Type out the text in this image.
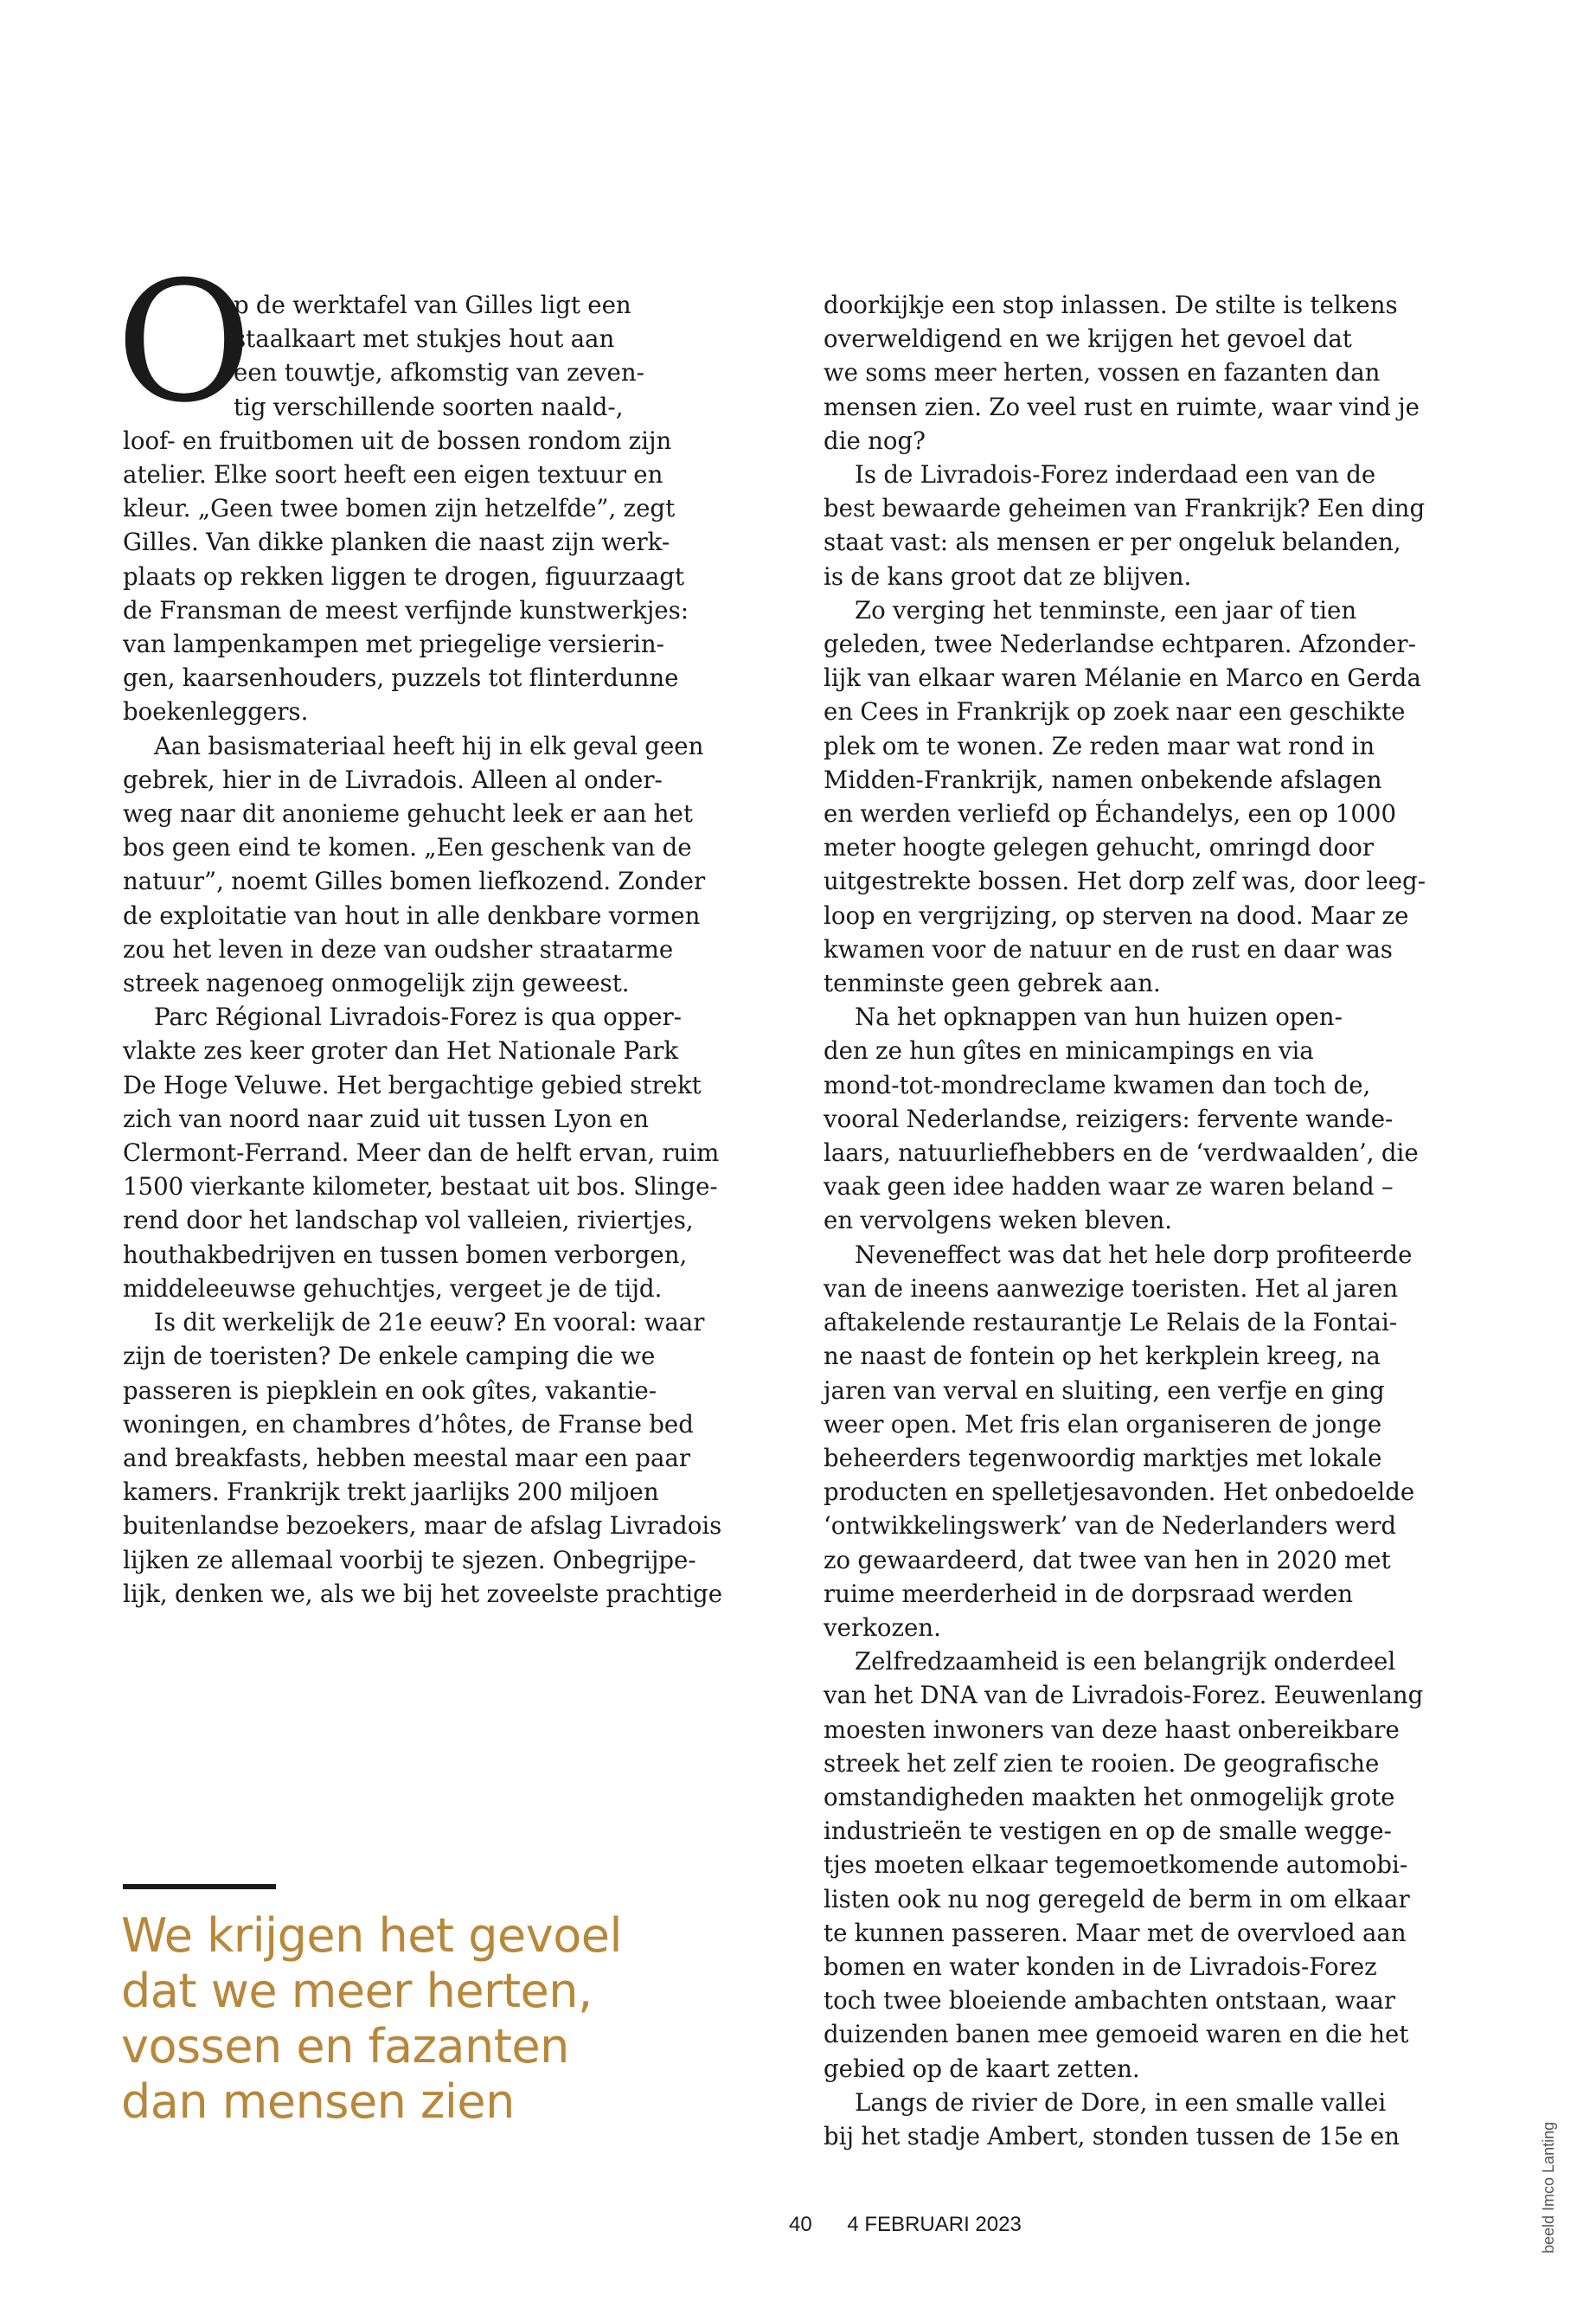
O
p de werktafel van Gilles ligt een
staalkaart met stukjes hout aan
een touwtje, afkomstig van zeven-
tig verschillende soorten naald-,
loof- en fruitbomen uit de bossen rondom zijn
atelier. Elke soort heeft een eigen textuur en
kleur. „Geen twee bomen zijn hetzelfde”, zegt
Gilles. Van dikke planken die naast zijn werk-
plaats op rekken liggen te drogen, figuurzaagt
de Fransman de meest verfijnde kunstwerkjes:
van lampenkampen met priegelige versierin-
gen, kaarsenhouders, puzzels tot flinterdunne
boekenleggers.
Aan basismateriaal heeft hij in elk geval geen
gebrek, hier in de Livradois. Alleen al onder-
weg naar dit anonieme gehucht leek er aan het
bos geen eind te komen. „Een geschenk van de
natuur”, noemt Gilles bomen liefkozend. Zonder
de exploitatie van hout in alle denkbare vormen
zou het leven in deze van oudsher straatarme
streek nagenoeg onmogelijk zijn geweest.
Parc Régional Livradois-Forez is qua opper-
vlakte zes keer groter dan Het Nationale Park
De Hoge Veluwe. Het bergachtige gebied strekt
zich van noord naar zuid uit tussen Lyon en
Clermont-Ferrand. Meer dan de helft ervan, ruim
1500 vierkante kilometer, bestaat uit bos. Slinge-
rend door het landschap vol valleien, riviertjes,
houthakbedrijven en tussen bomen verborgen,
middeleeuwse gehuchtjes, vergeet je de tijd.
Is dit werkelijk de 21e eeuw? En vooral: waar
zijn de toeristen? De enkele camping die we
passeren is piepklein en ook gîtes, vakantie-
woningen, en chambres d’hôtes, de Franse bed
and breakfasts, hebben meestal maar een paar
kamers. Frankrijk trekt jaarlijks 200 miljoen
buitenlandse bezoekers, maar de afslag Livradois
lijken ze allemaal voorbij te sjezen. Onbegrijpe-
lijk, denken we, als we bij het zoveelste prachtige
doorkijkje een stop inlassen. De stilte is telkens
overweldigend en we krijgen het gevoel dat
we soms meer herten, vossen en fazanten dan
mensen zien. Zo veel rust en ruimte, waar vind je
die nog?
Is de Livradois-Forez inderdaad een van de
best bewaarde geheimen van Frankrijk? Een ding
staat vast: als mensen er per ongeluk belanden,
is de kans groot dat ze blijven.
Zo verging het tenminste, een jaar of tien
geleden, twee Nederlandse echtparen. Afzonder-
lijk van elkaar waren Mélanie en Marco en Gerda
en Cees in Frankrijk op zoek naar een geschikte
plek om te wonen. Ze reden maar wat rond in
Midden-Frankrijk, namen onbekende afslagen
en werden verliefd op Échandelys, een op 1000
meter hoogte gelegen gehucht, omringd door
uitgestrekte bossen. Het dorp zelf was, door leeg-
loop en vergrijzing, op sterven na dood. Maar ze
kwamen voor de natuur en de rust en daar was
tenminste geen gebrek aan.
Na het opknappen van hun huizen open-
den ze hun gîtes en minicampings en via
mond-tot-mondreclame kwamen dan toch de,
vooral Nederlandse, reizigers: fervente wande-
laars, natuurliefhebbers en de ‘verdwaalden’, die
vaak geen idee hadden waar ze waren beland –
en vervolgens weken bleven.
Neveneffect was dat het hele dorp profiteerde
van de ineens aanwezige toeristen. Het al jaren
aftakelende restaurantje Le Relais de la Fontai-
ne naast de fontein op het kerkplein kreeg, na
jaren van verval en sluiting, een verfje en ging
weer open. Met fris elan organiseren de jonge
beheerders tegenwoordig marktjes met lokale
producten en spelletjesavonden. Het onbedoelde
‘ontwikkelingswerk’ van de Nederlanders werd
zo gewaardeerd, dat twee van hen in 2020 met
ruime meerderheid in de dorpsraad werden
verkozen.
Zelfredzaamheid is een belangrijk onderdeel
van het DNA van de Livradois-Forez. Eeuwenlang
moesten inwoners van deze haast onbereikbare
streek het zelf zien te rooien. De geografische
omstandigheden maakten het onmogelijk grote
industrieën te vestigen en op de smalle wegge-
tjes moeten elkaar tegemoetkomende automobi-
listen ook nu nog geregeld de berm in om elkaar
te kunnen passeren. Maar met de overvloed aan
bomen en water konden in de Livradois-Forez
toch twee bloeiende ambachten ontstaan, waar
duizenden banen mee gemoeid waren en die het
gebied op de kaart zetten.
Langs de rivier de Dore, in een smalle vallei
bij het stadje Ambert, stonden tussen de 15e en
We krijgen het gevoel
dat we meer herten,
vossen en fazanten
dan mensen zien
40 4 FEBRUARI 2023	beeld Imco Lanting
